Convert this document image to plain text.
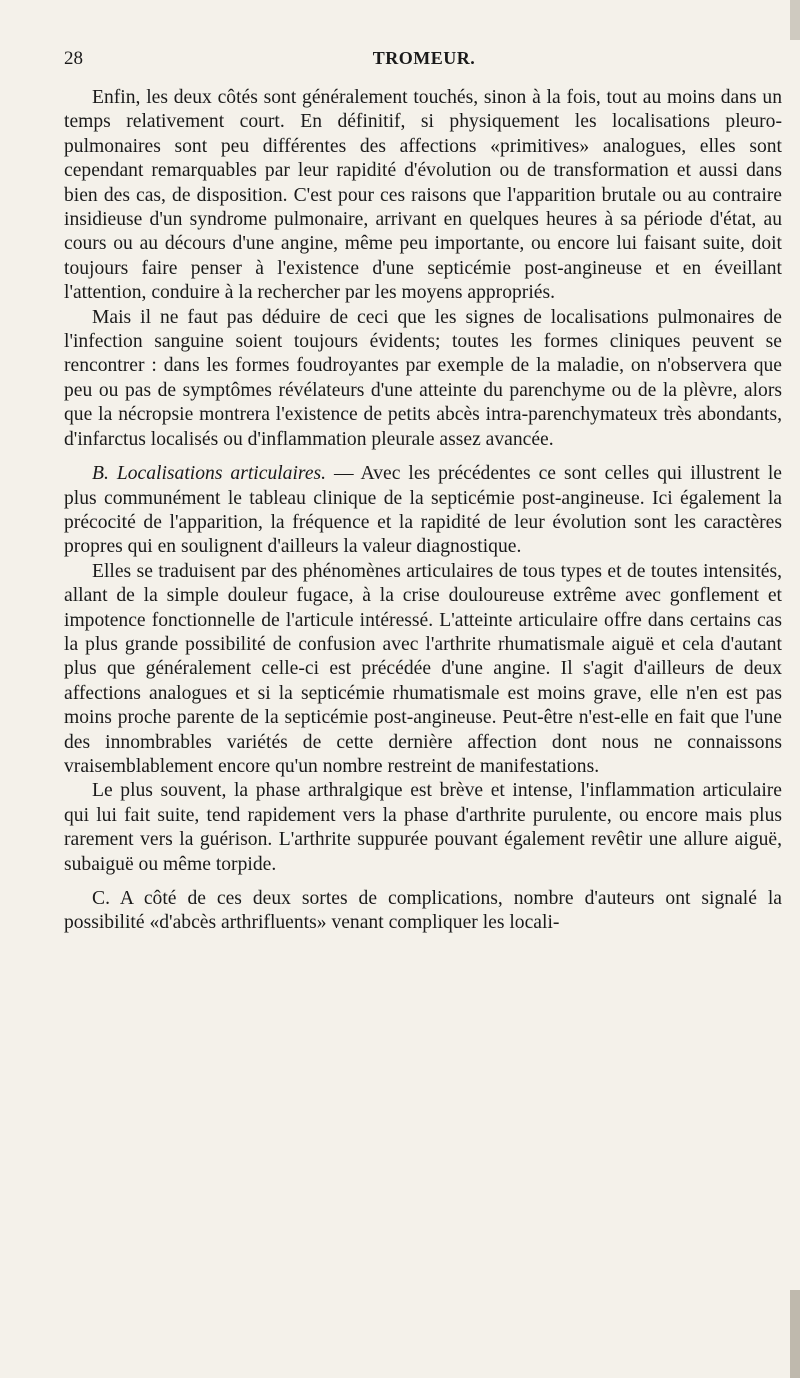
28	TROMEUR.

Enfin, les deux côtés sont généralement touchés, sinon à la fois, tout au moins dans un temps relativement court. En définitif, si physiquement les localisations pleuro-pulmonaires sont peu différentes des affections «primitives» analogues, elles sont cependant remarquables par leur rapidité d'évolution ou de transformation et aussi dans bien des cas, de disposition. C'est pour ces raisons que l'apparition brutale ou au contraire insidieuse d'un syndrome pulmonaire, arrivant en quelques heures à sa période d'état, au cours ou au décours d'une angine, même peu importante, ou encore lui faisant suite, doit toujours faire penser à l'existence d'une septicémie post-angineuse et en éveillant l'attention, conduire à la rechercher par les moyens appropriés.

Mais il ne faut pas déduire de ceci que les signes de localisations pulmonaires de l'infection sanguine soient toujours évidents; toutes les formes cliniques peuvent se rencontrer : dans les formes foudroyantes par exemple de la maladie, on n'observera que peu ou pas de symptômes révélateurs d'une atteinte du parenchyme ou de la plèvre, alors que la nécropsie montrera l'existence de petits abcès intra-parenchymateux très abondants, d'infarctus localisés ou d'inflammation pleurale assez avancée.

B. Localisations articulaires. — Avec les précédentes ce sont celles qui illustrent le plus communément le tableau clinique de la septicémie post-angineuse. Ici également la précocité de l'apparition, la fréquence et la rapidité de leur évolution sont les caractères propres qui en soulignent d'ailleurs la valeur diagnostique.

Elles se traduisent par des phénomènes articulaires de tous types et de toutes intensités, allant de la simple douleur fugace, à la crise douloureuse extrême avec gonflement et impotence fonctionnelle de l'articule intéressé. L'atteinte articulaire offre dans certains cas la plus grande possibilité de confusion avec l'arthrite rhumatismale aiguë et cela d'autant plus que généralement celle-ci est précédée d'une angine. Il s'agit d'ailleurs de deux affections analogues et si la septicémie rhumatismale est moins grave, elle n'en est pas moins proche parente de la septicémie post-angineuse. Peut-être n'est-elle en fait que l'une des innombrables variétés de cette dernière affection dont nous ne connaissons vraisemblablement encore qu'un nombre restreint de manifestations.

Le plus souvent, la phase arthralgique est brève et intense, l'inflammation articulaire qui lui fait suite, tend rapidement vers la phase d'arthrite purulente, ou encore mais plus rarement vers la guérison. L'arthrite suppurée pouvant également revêtir une allure aiguë, subaiguë ou même torpide.

C. A côté de ces deux sortes de complications, nombre d'auteurs ont signalé la possibilité «d'abcès arthrifluents» venant compliquer les locali-
